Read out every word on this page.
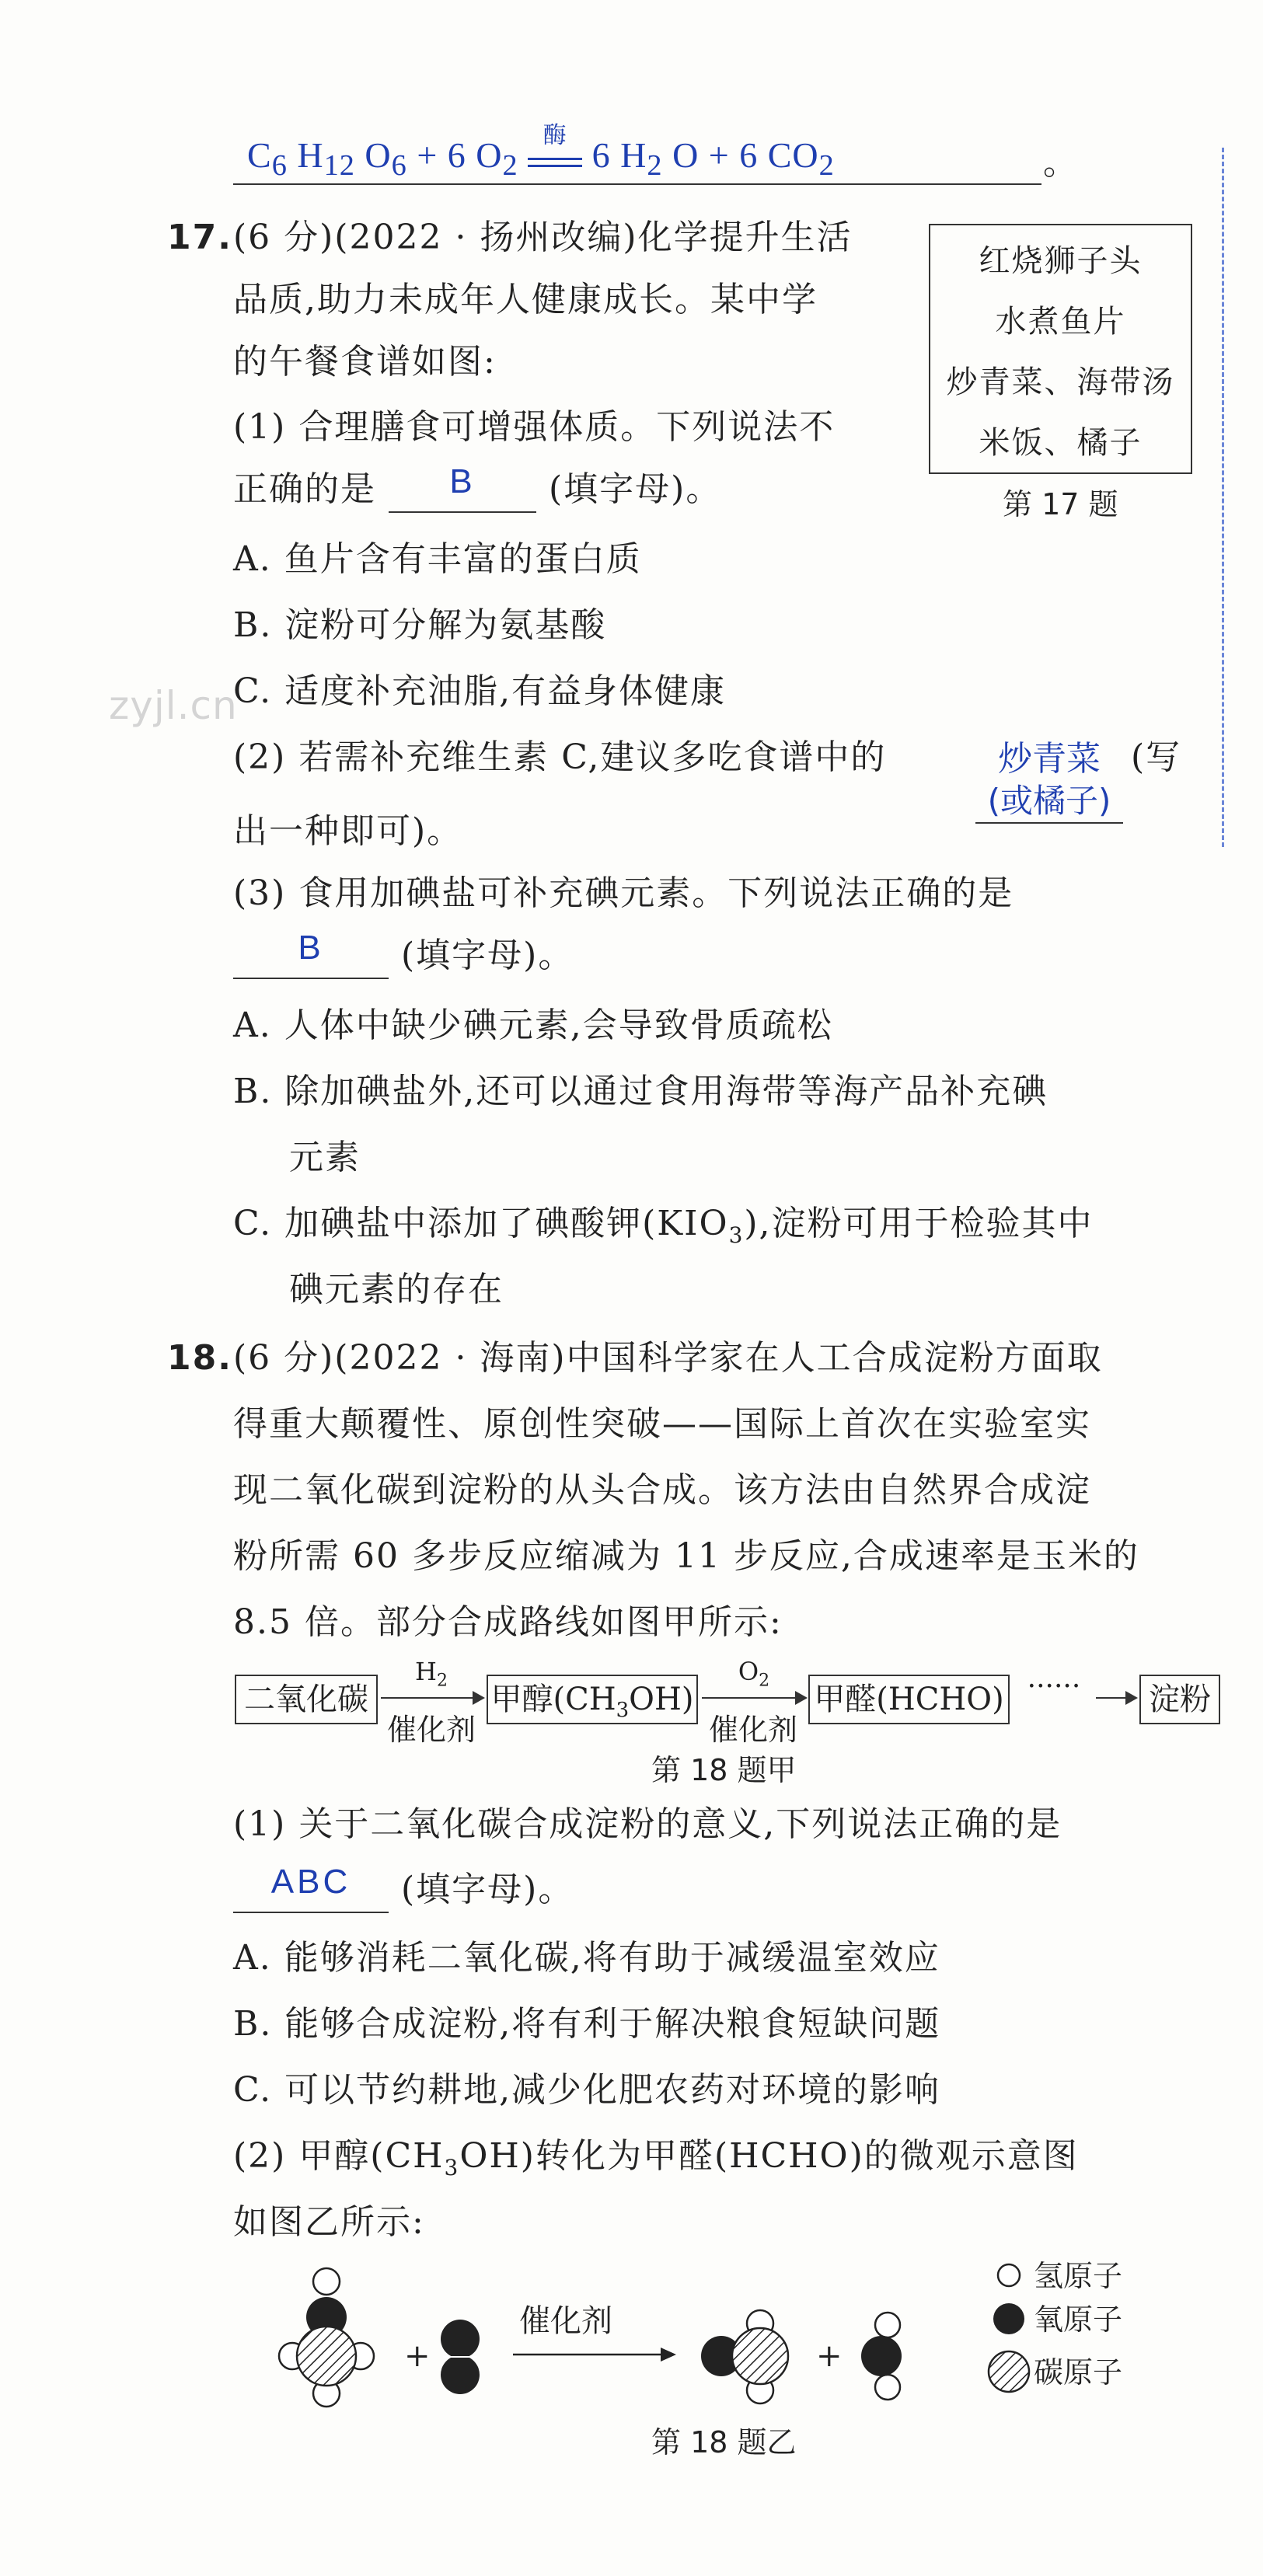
$C_6$ $H_{12}$ $O_6 + 6$ $O_2$
酶 6 $H_2$ O + 6 $CO_2$	。
17. (6 分)(2022 · 扬州改编)化学提升生活
品质,助力未成年人健康成长。某中学
的午餐食谱如图:
红烧狮子头
水煮鱼片
炒青菜、海带汤
米饭、橘子
第 17 题
(1) 合理膳食可增强体质。下列说法不
正确的是	B	(填字母)。
A. 鱼片含有丰富的蛋白质
B. 淀粉可分解为氨基酸
C. 适度补充油脂,有益身体健康
zyjl.cn
(2) 若需补充维生素 C,建议多吃食谱中的	炒青菜
(或橘子)
(写
出一种即可)。
(3) 食用加碘盐可补充碘元素。下列说法正确的是
B	(填字母)。
A. 人体中缺少碘元素,会导致骨质疏松
B. 除加碘盐外,还可以通过食用海带等海产品补充碘
元素
C. 加碘盐中添加了碘酸钾$(KIO_3)$,淀粉可用于检验其中
碘元素的存在
18. (6 分)(2022 · 海南)中国科学家在人工合成淀粉方面取
得重大颠覆性、原创性突破——国际上首次在实验室实
现二氧化碳到淀粉的从头合成。该方法由自然界合成淀
粉所需 60 多步反应缩减为 11 步反应,合成速率是玉米的
8.5 倍。部分合成路线如图甲所示:
二氧化碳
$H_2$
催化剂
甲醇$(CH_3OH)$
$O_2$
催化剂
甲醛(HCHO) ······	淀粉
第 18 题甲
(1) 关于二氧化碳合成淀粉的意义,下列说法正确的是
ABC	(填字母)。
A. 能够消耗二氧化碳,将有助于减缓温室效应
B. 能够合成淀粉,将有利于解决粮食短缺问题
C. 可以节约耕地,减少化肥农药对环境的影响
(2) 甲醇$(CH_3OH)$转化为甲醛(HCHO)的微观示意图
如图乙所示:
+
催化剂
+
氢原子
氧原子
碳原子
第 18 题乙
